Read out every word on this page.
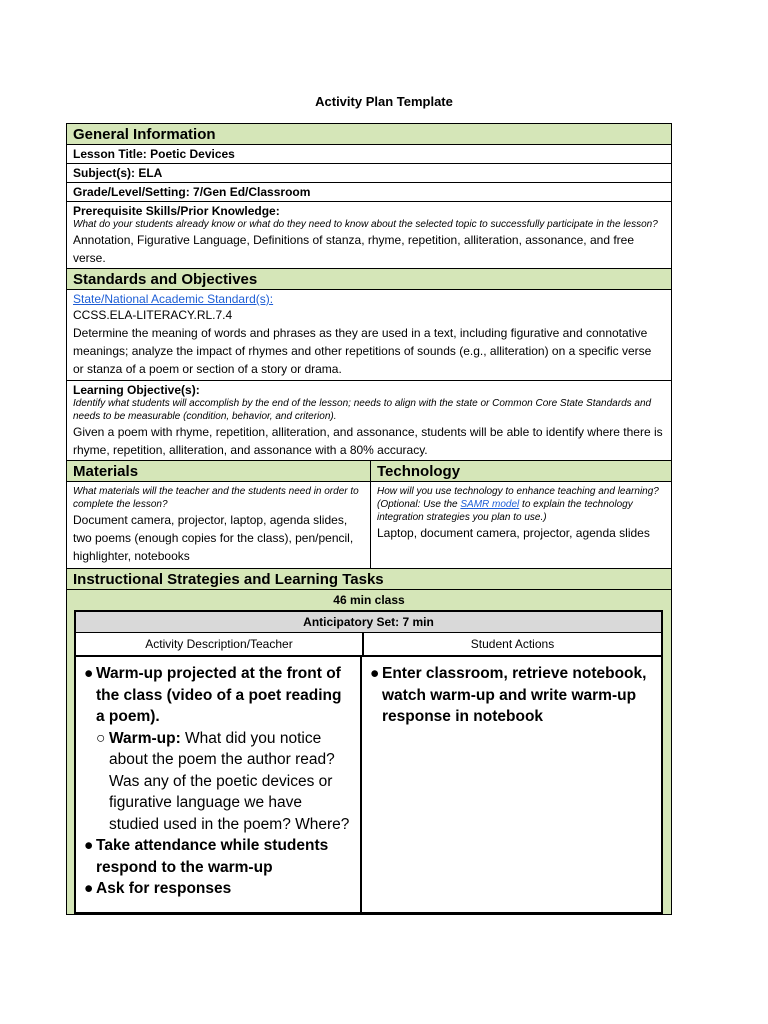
Activity Plan Template
General Information
Lesson Title: Poetic Devices
Subject(s): ELA
Grade/Level/Setting: 7/Gen Ed/Classroom
Prerequisite Skills/Prior Knowledge:
What do your students already know or what do they need to know about the selected topic to successfully participate in the lesson?
Annotation, Figurative Language, Definitions of stanza, rhyme, repetition, alliteration, assonance, and free verse.
Standards and Objectives
State/National Academic Standard(s):
CCSS.ELA-LITERACY.RL.7.4
Determine the meaning of words and phrases as they are used in a text, including figurative and connotative meanings; analyze the impact of rhymes and other repetitions of sounds (e.g., alliteration) on a specific verse or stanza of a poem or section of a story or drama.
Learning Objective(s):
Identify what students will accomplish by the end of the lesson; needs to align with the state or Common Core State Standards and needs to be measurable (condition, behavior, and criterion).
Given a poem with rhyme, repetition, alliteration, and assonance, students will be able to identify where there is rhyme, repetition, alliteration, and assonance with a 80% accuracy.
Materials
What materials will the teacher and the students need in order to complete the lesson?
Document camera, projector, laptop, agenda slides, two poems (enough copies for the class), pen/pencil, highlighter, notebooks
Technology
How will you use technology to enhance teaching and learning? (Optional: Use the SAMR model to explain the technology integration strategies you plan to use.)
Laptop, document camera, projector, agenda slides
Instructional Strategies and Learning Tasks
46 min class
Anticipatory Set: 7 min
Activity Description/Teacher	Student Actions
● Warm-up projected at the front of the class (video of a poet reading a poem).
○ Warm-up: What did you notice about the poem the author read? Was any of the poetic devices or figurative language we have studied used in the poem? Where?
● Take attendance while students respond to the warm-up
● Ask for responses
● Enter classroom, retrieve notebook, watch warm-up and write warm-up response in notebook
